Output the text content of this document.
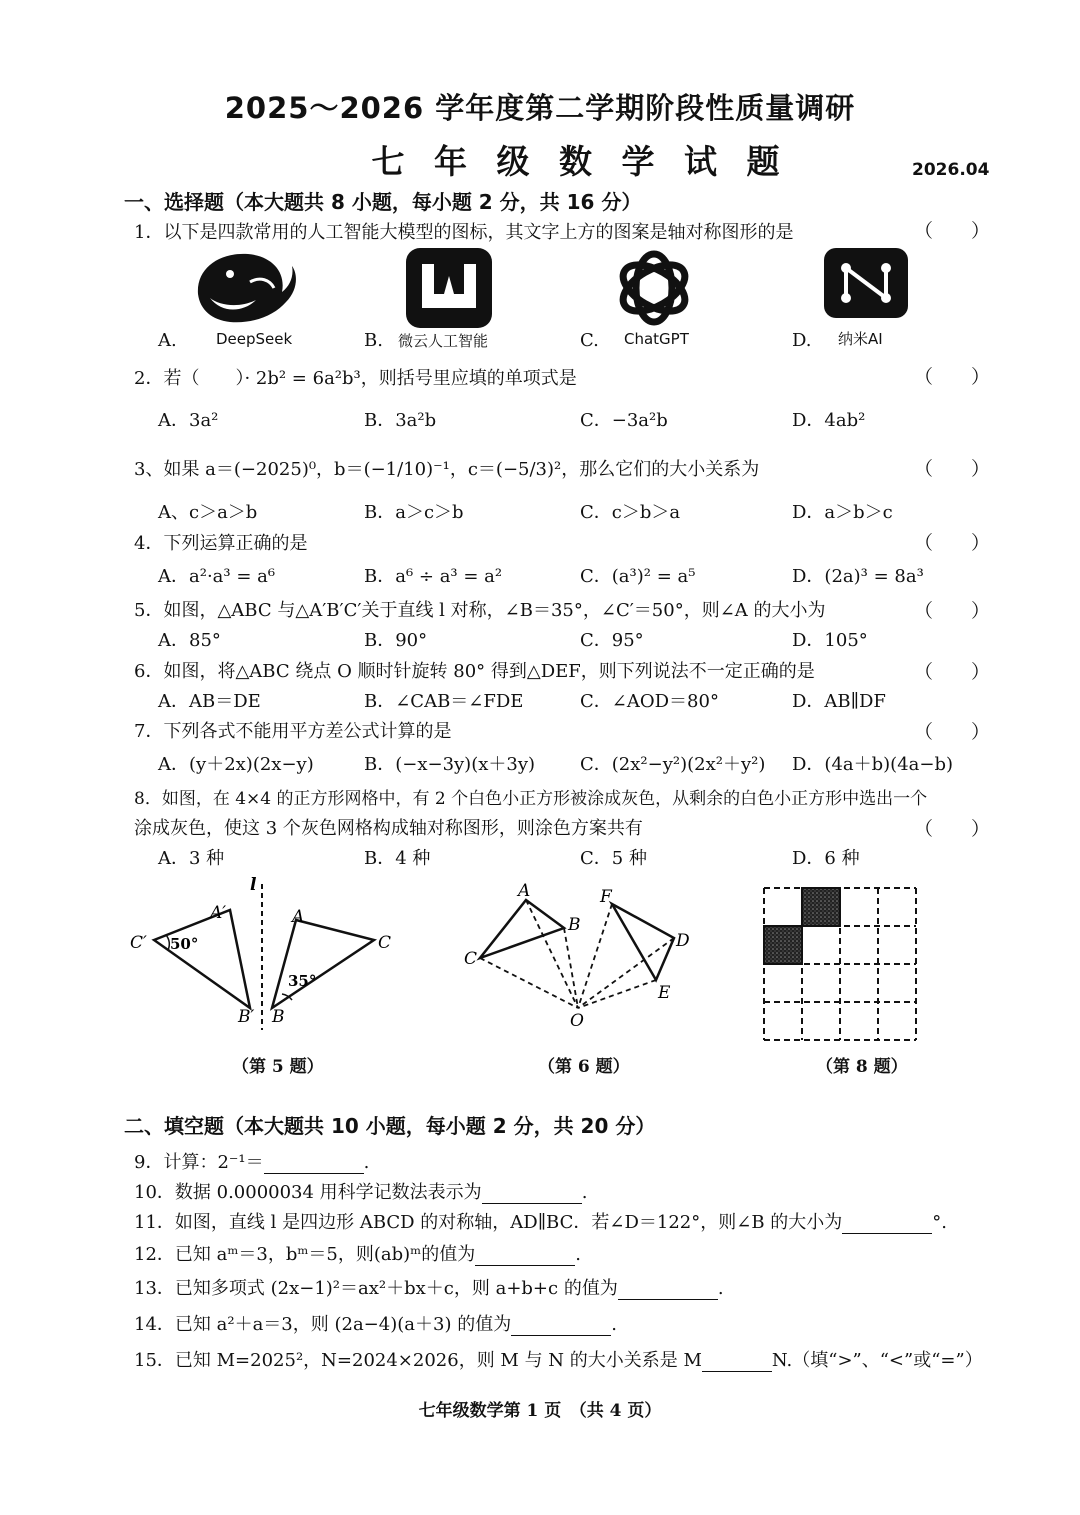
2025～2026 学年度第二学期阶段性质量调研
七 年 级 数 学 试 题	2026.04
一、选择题（本大题共 8 小题，每小题 2 分，共 16 分）
1．以下是四款常用的人工智能大模型的图标，其文字上方的图案是轴对称图形的是	（　　）
A.	DeepSeek	B. 微云人工智能	C. ChatGPT	D. 纳米AI
2．若（　　）· 2b² = 6a²b³，则括号里应填的单项式是	（　　）
A．3a²	B．3a²b	C．−3a²b	D．4ab²
3、如果 a＝(−2025)⁰，b＝(−1/10)⁻¹，c＝(−5/3)²，那么它们的大小关系为	（　　）
A、c＞a＞b	B．a＞c＞b	C．c＞b＞a	D．a＞b＞c
4．下列运算正确的是	（　　）
A．a²·a³ = a⁶	B．a⁶ ÷ a³ = a²	C．(a³)² = a⁵	D．(2a)³ = 8a³
5．如图，△ABC 与△A′B′C′关于直线 l 对称，∠B＝35°，∠C′＝50°，则∠A 的大小为	（　　）
A．85°	B．90°	C．95°	D．105°
6．如图，将△ABC 绕点 O 顺时针旋转 80° 得到△DEF，则下列说法不一定正确的是	（　　）
A．AB＝DE	B．∠CAB＝∠FDE	C．∠AOD＝80°	D．AB∥DF
7．下列各式不能用平方差公式计算的是	（　　）
A．(y＋2x)(2x−y)	B．(−x−3y)(x＋3y) C．(2x²−y²)(2x²＋y²) D．(4a＋b)(4a−b)
8．如图，在 4×4 的正方形网格中，有 2 个白色小正方形被涂成灰色，从剩余的白色小正方形中选出一个
涂成灰色，使这 3 个灰色网格构成轴对称图形，则涂色方案共有	（　　）
A．3 种	B．4 种	C．5 种	D．6 种
l
C′
A′
B′ B
A
C
50°
35°
（第 5 题）
A
B
C
F
D
E
O
（第 6 题）	（第 8 题）
二、填空题（本大题共 10 小题，每小题 2 分，共 20 分）
9．计算：2⁻¹＝	.
10．数据 0.0000034 用科学记数法表示为	.
11．如图，直线 l 是四边形 ABCD 的对称轴，AD∥BC．若∠D＝122°，则∠B 的大小为	°.
12．已知 aᵐ＝3，bᵐ＝5，则(ab)ᵐ的值为	.
13．已知多项式 (2x−1)²＝ax²＋bx＋c，则 a+b+c 的值为	.
14．已知 a²＋a＝3，则 (2a−4)(a＋3) 的值为	.
15．已知 M=2025²，N=2024×2026，则 M 与 N 的大小关系是 M	N.（填“>”、“<”或“=”）
七年级数学第 1 页　（共 4 页）
